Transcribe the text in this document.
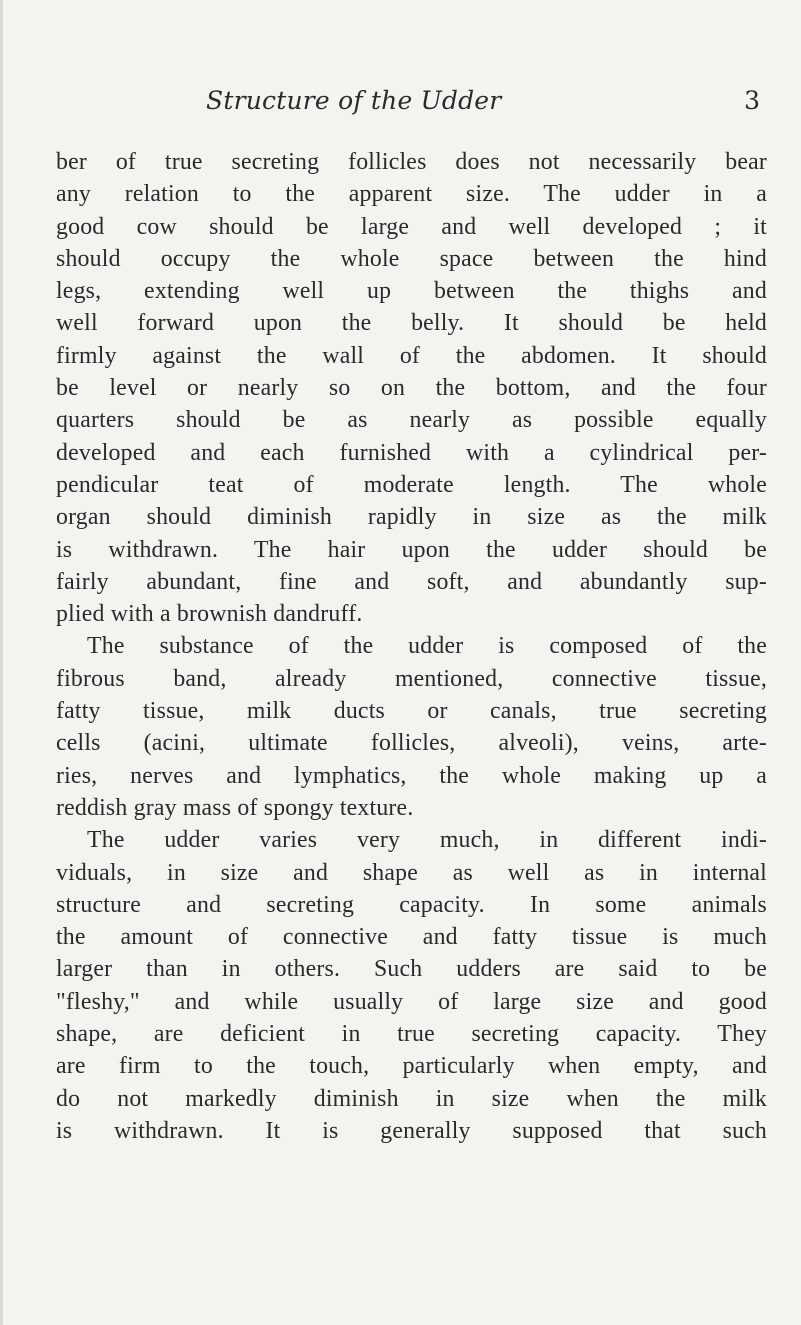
Structure of the Udder	3
ber of true secreting follicles does not necessarily bear
any relation to the apparent size. The udder in a
good cow should be large and well developed ; it
should occupy the whole space between the hind
legs, extending well up between the thighs and
well forward upon the belly. It should be held
firmly against the wall of the abdomen. It should
be level or nearly so on the bottom, and the four
quarters should be as nearly as possible equally
developed and each furnished with a cylindrical per-
pendicular teat of moderate length. The whole
organ should diminish rapidly in size as the milk
is withdrawn. The hair upon the udder should be
fairly abundant, fine and soft, and abundantly sup-
plied with a brownish dandruff.
The substance of the udder is composed of the
fibrous band, already mentioned, connective tissue,
fatty tissue, milk ducts or canals, true secreting
cells (acini, ultimate follicles, alveoli), veins, arte-
ries, nerves and lymphatics, the whole making up a
reddish gray mass of spongy texture.
The udder varies very much, in different indi-
viduals, in size and shape as well as in internal
structure and secreting capacity. In some animals
the amount of connective and fatty tissue is much
larger than in others. Such udders are said to be
"fleshy," and while usually of large size and good
shape, are deficient in true secreting capacity. They
are firm to the touch, particularly when empty, and
do not markedly diminish in size when the milk
is withdrawn. It is generally supposed that such
